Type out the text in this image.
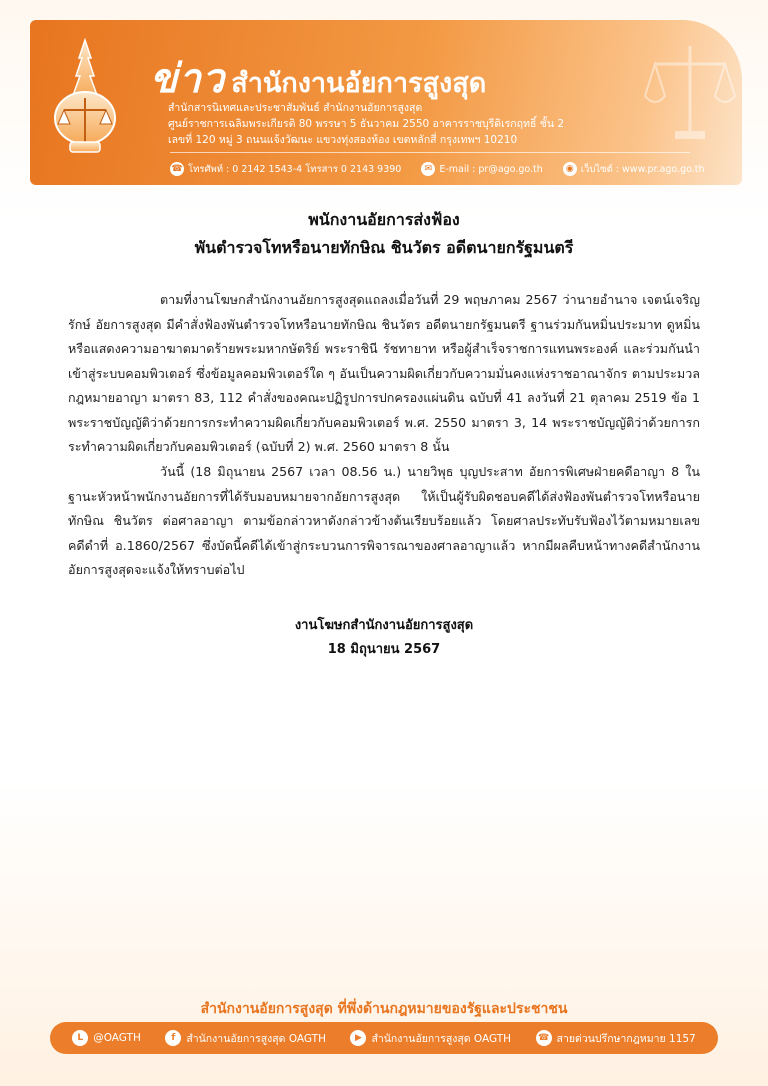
ข่าว สำนักงานอัยการสูงสุด
สำนักสารนิเทศและประชาสัมพันธ์ สำนักงานอัยการสูงสุด
ศูนย์ราชการเฉลิมพระเกียรติ 80 พรรษา 5 ธันวาคม 2550 อาคารราชบุรีดิเรกฤทธิ์ ชั้น 2
เลขที่ 120 หมู่ 3 ถนนแจ้งวัฒนะ แขวงทุ่งสองห้อง เขตหลักสี่ กรุงเทพฯ 10210
☎ โทรศัพท์ : 0 2142 1543-4 โทรสาร 0 2143 9390	✉ E-mail : pr@ago.go.th	◉ เว็บไซต์ : www.pr.ago.go.th
พนักงานอัยการส่งฟ้อง
พันตำรวจโทหรือนายทักษิณ ชินวัตร อดีตนายกรัฐมนตรี
ตามที่งานโฆษกสำนักงานอัยการสูงสุดแถลงเมื่อวันที่ 29 พฤษภาคม 2567 ว่านายอำนาจ เจตน์เจริญรักษ์ อัยการสูงสุด มีคำสั่งฟ้องพันตำรวจโทหรือนายทักษิณ ชินวัตร อดีตนายกรัฐมนตรี ฐานร่วมกันหมิ่นประมาท ดูหมิ่น หรือแสดงความอาฆาตมาดร้ายพระมหากษัตริย์ พระราชินี รัชทายาท หรือผู้สำเร็จราชการแทนพระองค์ และร่วมกันนำเข้าสู่ระบบคอมพิวเตอร์ ซึ่งข้อมูลคอมพิวเตอร์ใด ๆ อันเป็นความผิดเกี่ยวกับความมั่นคงแห่งราชอาณาจักร ตามประมวลกฎหมายอาญา มาตรา 83, 112 คำสั่งของคณะปฏิรูปการปกครองแผ่นดิน ฉบับที่ 41 ลงวันที่ 21 ตุลาคม 2519 ข้อ 1 พระราชบัญญัติว่าด้วยการกระทำความผิดเกี่ยวกับคอมพิวเตอร์ พ.ศ. 2550 มาตรา 3, 14 พระราชบัญญัติว่าด้วยการกระทำความผิดเกี่ยวกับคอมพิวเตอร์ (ฉบับที่ 2) พ.ศ. 2560 มาตรา 8 นั้น
วันนี้ (18 มิถุนายน 2567 เวลา 08.56 น.) นายวิพุธ บุญประสาท อัยการพิเศษฝ่ายคดีอาญา 8 ในฐานะหัวหน้าพนักงานอัยการที่ได้รับมอบหมายจากอัยการสูงสุด ให้เป็นผู้รับผิดชอบคดีได้ส่งฟ้องพันตำรวจโทหรือนายทักษิณ ชินวัตร ต่อศาลอาญา ตามข้อกล่าวหาดังกล่าวข้างต้นเรียบร้อยแล้ว โดยศาลประทับรับฟ้องไว้ตามหมายเลขคดีดำที่ อ.1860/2567 ซึ่งบัดนี้คดีได้เข้าสู่กระบวนการพิจารณาของศาลอาญาแล้ว หากมีผลคืบหน้าทางคดีสำนักงานอัยการสูงสุดจะแจ้งให้ทราบต่อไป
งานโฆษกสำนักงานอัยการสูงสุด
18 มิถุนายน 2567
สำนักงานอัยการสูงสุด ที่พึ่งด้านกฎหมายของรัฐและประชาชน
L @OAGTH	f	สำนักงานอัยการสูงสุด OAGTH	▶ สำนักงานอัยการสูงสุด OAGTH	☎ สายด่วนปรึกษากฎหมาย 1157
